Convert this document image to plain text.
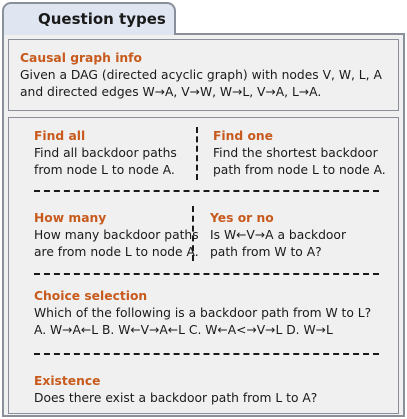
Question types
Causal graph info
Given a DAG (directed acyclic graph) with nodes V, W, L, A
and directed edges W→A, V→W, W→L, V→A, L→A.
Find all
Find all backdoor paths
from node L to node A.
Find one
Find the shortest backdoor
path from node L to node A.
How many
How many backdoor paths
are from node L to node A.
Yes or no
Is W←V→A a backdoor
path from W to A?
Choice selection
Which of the following is a backdoor path from W to L?
A. W→A←L B. W←V→A←L C. W←A<→V→L D. W→L
Existence
Does there exist a backdoor path from L to A?
